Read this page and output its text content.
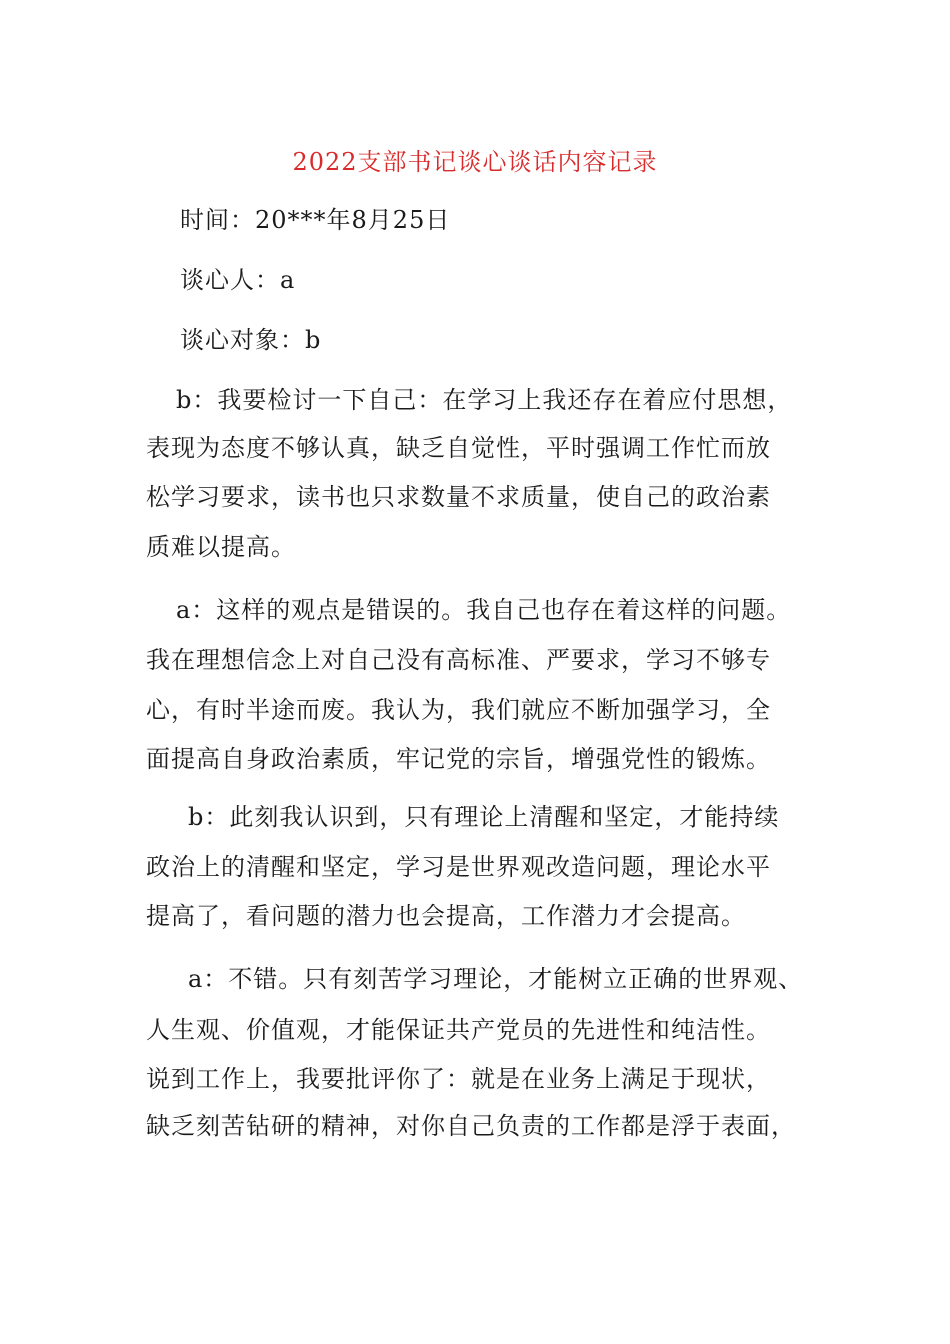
2022支部书记谈心谈话内容记录
时间：20***年8月25日
谈心人：a
谈心对象：b
b：我要检讨一下自己：在学习上我还存在着应付思想，
表现为态度不够认真，缺乏自觉性，平时强调工作忙而放
松学习要求，读书也只求数量不求质量，使自己的政治素
质难以提高。
a：这样的观点是错误的。我自己也存在着这样的问题。
我在理想信念上对自己没有高标准、严要求，学习不够专
心，有时半途而废。我认为，我们就应不断加强学习，全
面提高自身政治素质，牢记党的宗旨，增强党性的锻炼。
b：此刻我认识到，只有理论上清醒和坚定，才能持续
政治上的清醒和坚定，学习是世界观改造问题，理论水平
提高了，看问题的潜力也会提高，工作潜力才会提高。
a：不错。只有刻苦学习理论，才能树立正确的世界观、
人生观、价值观，才能保证共产党员的先进性和纯洁性。
说到工作上，我要批评你了：就是在业务上满足于现状，
缺乏刻苦钻研的精神，对你自己负责的工作都是浮于表面，
